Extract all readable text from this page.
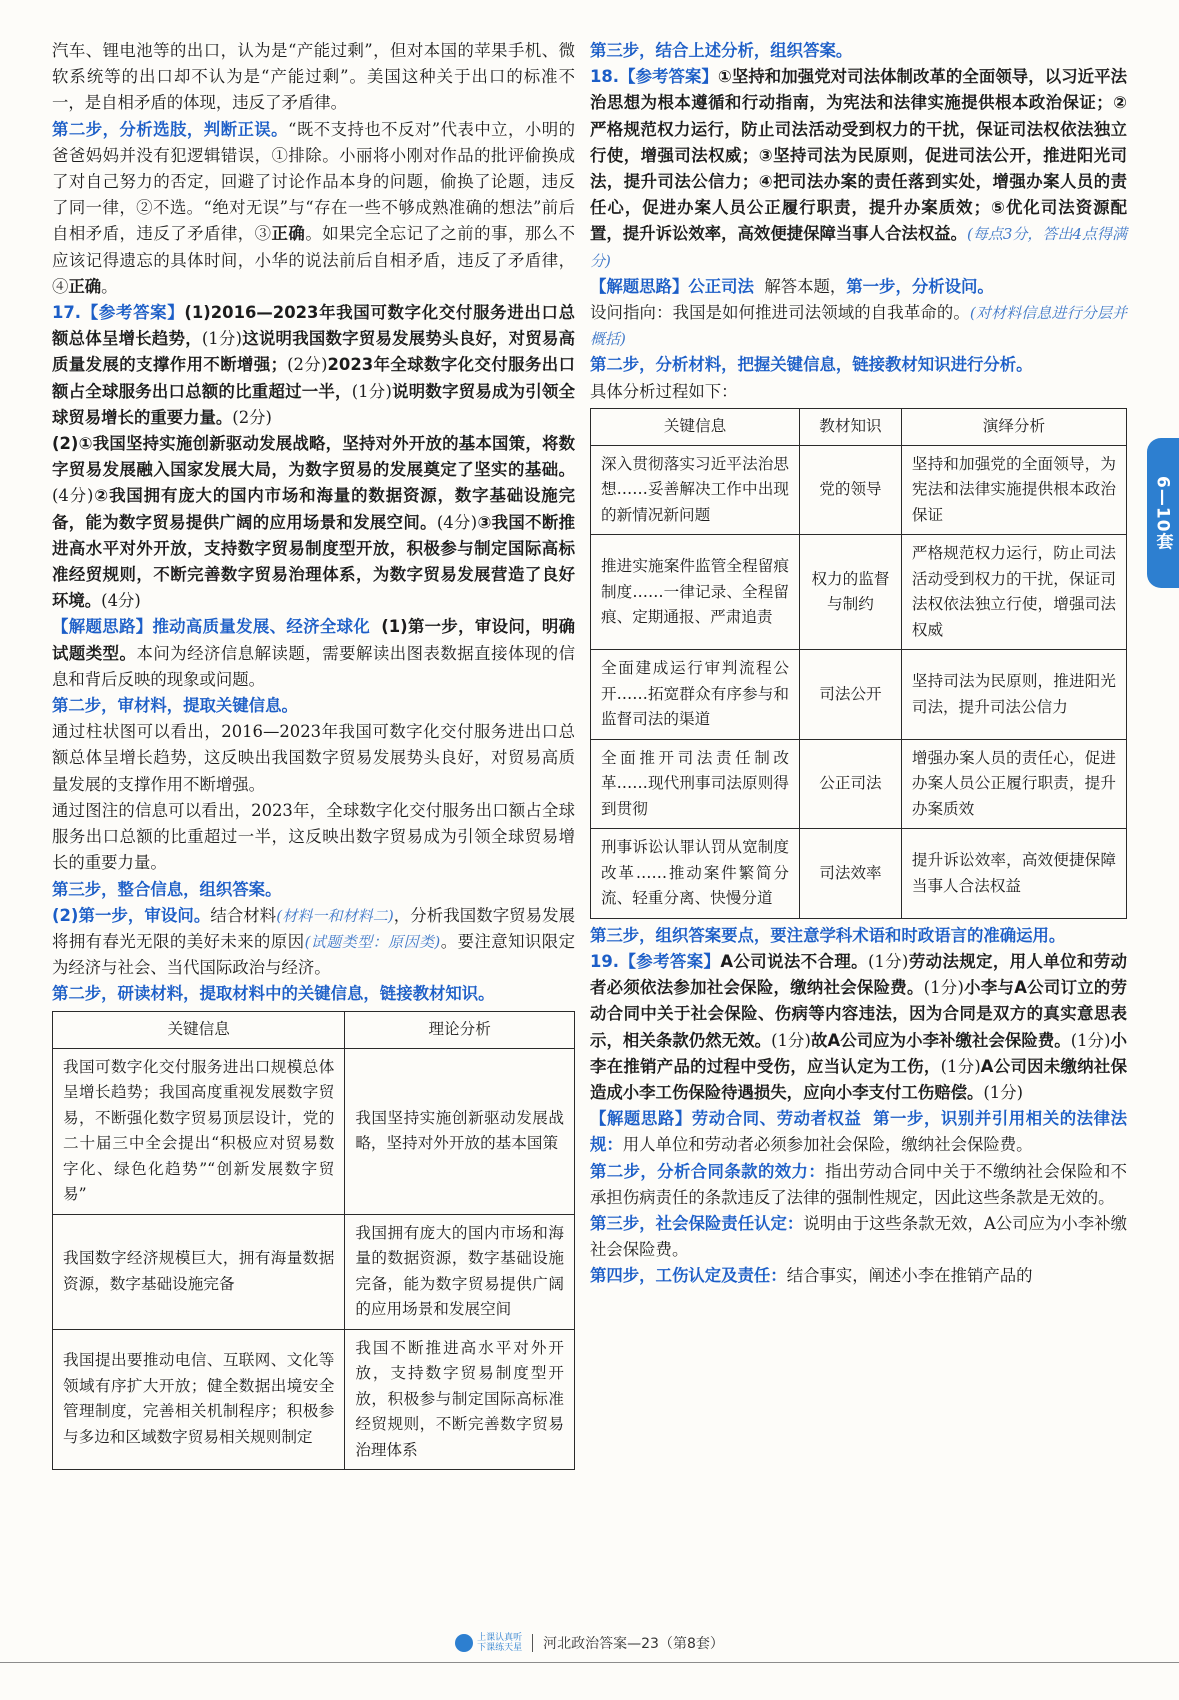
汽车、锂电池等的出口，认为是“产能过剩”，但对本国的苹果手机、微软系统等的出口却不认为是“产能过剩”。美国这种关于出口的标准不一，是自相矛盾的体现，违反了矛盾律。

第二步，分析选肢，判断正误。“既不支持也不反对”代表中立，小明的爸爸妈妈并没有犯逻辑错误，①排除。小丽将小刚对作品的批评偷换成了对自己努力的否定，回避了讨论作品本身的问题，偷换了论题，违反了同一律，②不选。“绝对无误”与“存在一些不够成熟准确的想法”前后自相矛盾，违反了矛盾律，③正确。如果完全忘记了之前的事，那么不应该记得遗忘的具体时间，小华的说法前后自相矛盾，违反了矛盾律，④正确。

17.【参考答案】(1)2016—2023年我国可数字化交付服务进出口总额总体呈增长趋势，(1分)这说明我国数字贸易发展势头良好，对贸易高质量发展的支撑作用不断增强；(2分)2023年全球数字化交付服务出口额占全球服务出口总额的比重超过一半，(1分)说明数字贸易成为引领全球贸易增长的重要力量。(2分)

(2)①我国坚持实施创新驱动发展战略，坚持对外开放的基本国策，将数字贸易发展融入国家发展大局，为数字贸易的发展奠定了坚实的基础。(4分)②我国拥有庞大的国内市场和海量的数据资源，数字基础设施完备，能为数字贸易提供广阔的应用场景和发展空间。(4分)③我国不断推进高水平对外开放，支持数字贸易制度型开放，积极参与制定国际高标准经贸规则，不断完善数字贸易治理体系，为数字贸易发展营造了良好环境。(4分)

【解题思路】推动高质量发展、经济全球化 (1)第一步，审设问，明确试题类型。本问为经济信息解读题，需要解读出图表数据直接体现的信息和背后反映的现象或问题。

第二步，审材料，提取关键信息。

通过柱状图可以看出，2016—2023年我国可数字化交付服务进出口总额总体呈增长趋势，这反映出我国数字贸易发展势头良好，对贸易高质量发展的支撑作用不断增强。

通过图注的信息可以看出，2023年，全球数字化交付服务出口额占全球服务出口总额的比重超过一半，这反映出数字贸易成为引领全球贸易增长的重要力量。

第三步，整合信息，组织答案。

(2)第一步，审设问。结合材料(材料一和材料二)，分析我国数字贸易发展将拥有春光无限的美好未来的原因(试题类型：原因类)。要注意知识限定为经济与社会、当代国际政治与经济。

第二步，研读材料，提取材料中的关键信息，链接教材知识。

关键信息	理论分析
我国可数字化交付服务进出口规模总体呈增长趋势；我国高度重视发展数字贸易，不断强化数字贸易顶层设计，党的二十届三中全会提出“积极应对贸易数字化、绿色化趋势”“创新发展数字贸易”	我国坚持实施创新驱动发展战略，坚持对外开放的基本国策
我国数字经济规模巨大，拥有海量数据资源，数字基础设施完备	我国拥有庞大的国内市场和海量的数据资源，数字基础设施完备，能为数字贸易提供广阔的应用场景和发展空间
我国提出要推动电信、互联网、文化等领域有序扩大开放；健全数据出境安全管理制度，完善相关机制程序；积极参与多边和区域数字贸易相关规则制定	我国不断推进高水平对外开放，支持数字贸易制度型开放，积极参与制定国际高标准经贸规则，不断完善数字贸易治理体系

第三步，结合上述分析，组织答案。

18.【参考答案】①坚持和加强党对司法体制改革的全面领导，以习近平法治思想为根本遵循和行动指南，为宪法和法律实施提供根本政治保证；②严格规范权力运行，防止司法活动受到权力的干扰，保证司法权依法独立行使，增强司法权威；③坚持司法为民原则，促进司法公开，推进阳光司法，提升司法公信力；④把司法办案的责任落到实处，增强办案人员的责任心，促进办案人员公正履行职责，提升办案质效；⑤优化司法资源配置，提升诉讼效率，高效便捷保障当事人合法权益。(每点3分，答出4点得满分)

【解题思路】公正司法 解答本题，第一步，分析设问。

设问指向：我国是如何推进司法领域的自我革命的。(对材料信息进行分层并概括)

第二步，分析材料，把握关键信息，链接教材知识进行分析。

具体分析过程如下：

关键信息	教材知识	演绎分析
深入贯彻落实习近平法治思想……妥善解决工作中出现的新情况新问题	党的领导	坚持和加强党的全面领导，为宪法和法律实施提供根本政治保证
推进实施案件监管全程留痕制度……一律记录、全程留痕、定期通报、严肃追责	权力的监督与制约	严格规范权力运行，防止司法活动受到权力的干扰，保证司法权依法独立行使，增强司法权威
全面建成运行审判流程公开……拓宽群众有序参与和监督司法的渠道	司法公开	坚持司法为民原则，推进阳光司法，提升司法公信力
全面推开司法责任制改革……现代刑事司法原则得到贯彻	公正司法	增强办案人员的责任心，促进办案人员公正履行职责，提升办案质效
刑事诉讼认罪认罚从宽制度改革……推动案件繁简分流、轻重分离、快慢分道	司法效率	提升诉讼效率，高效便捷保障当事人合法权益

第三步，组织答案要点，要注意学科术语和时政语言的准确运用。

19.【参考答案】A公司说法不合理。(1分)劳动法规定，用人单位和劳动者必须依法参加社会保险，缴纳社会保险费。(1分)小李与A公司订立的劳动合同中关于社会保险、伤病等内容违法，因为合同是双方的真实意思表示，相关条款仍然无效。(1分)故A公司应为小李补缴社会保险费。(1分)小李在推销产品的过程中受伤，应当认定为工伤，(1分)A公司因未缴纳社保造成小李工伤保险待遇损失，应向小李支付工伤赔偿。(1分)

【解题思路】劳动合同、劳动者权益 第一步，识别并引用相关的法律法规：用人单位和劳动者必须参加社会保险，缴纳社会保险费。

第二步，分析合同条款的效力：指出劳动合同中关于不缴纳社会保险和不承担伤病责任的条款违反了法律的强制性规定，因此这些条款是无效的。

第三步，社会保险责任认定：说明由于这些条款无效，A公司应为小李补缴社会保险费。

第四步，工伤认定及责任：结合事实，阐述小李在推销产品的

6—10套
上课认真听
下课练天星 河北政治答案—23（第8套）
